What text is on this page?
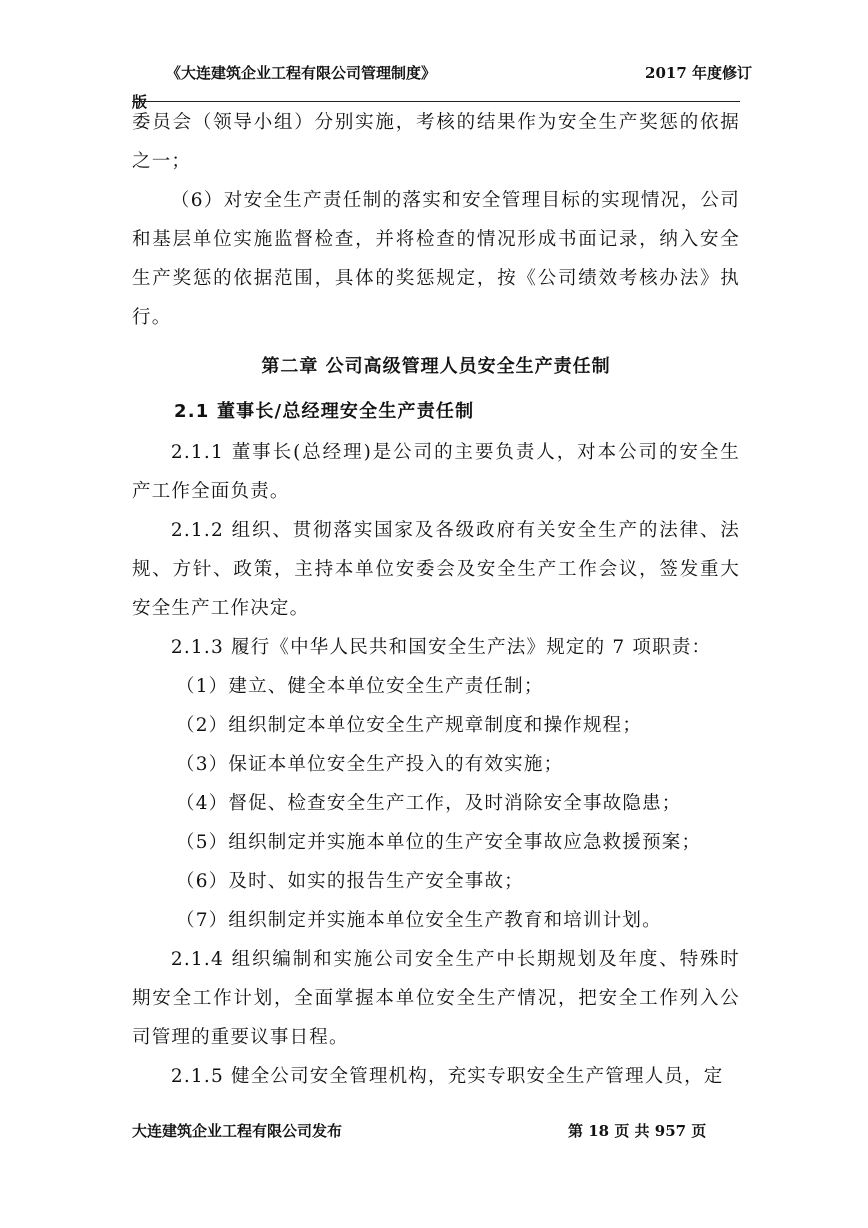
《大连建筑企业工程有限公司管理制度》	2017 年度修订
版

委员会（领导小组）分别实施，考核的结果作为安全生产奖惩的依据之一；

（6）对安全生产责任制的落实和安全管理目标的实现情况，公司和基层单位实施监督检查，并将检查的情况形成书面记录，纳入安全生产奖惩的依据范围，具体的奖惩规定，按《公司绩效考核办法》执行。

第二章 公司高级管理人员安全生产责任制

2.1 董事长/总经理安全生产责任制

2.1.1 董事长(总经理)是公司的主要负责人，对本公司的安全生产工作全面负责。

2.1.2 组织、贯彻落实国家及各级政府有关安全生产的法律、法规、方针、政策，主持本单位安委会及安全生产工作会议，签发重大安全生产工作决定。

2.1.3 履行《中华人民共和国安全生产法》规定的 7 项职责：

（1）建立、健全本单位安全生产责任制；

（2）组织制定本单位安全生产规章制度和操作规程；

（3）保证本单位安全生产投入的有效实施；

（4）督促、检查安全生产工作，及时消除安全事故隐患；

（5）组织制定并实施本单位的生产安全事故应急救援预案；

（6）及时、如实的报告生产安全事故；

（7）组织制定并实施本单位安全生产教育和培训计划。

2.1.4 组织编制和实施公司安全生产中长期规划及年度、特殊时期安全工作计划，全面掌握本单位安全生产情况，把安全工作列入公司管理的重要议事日程。

2.1.5 健全公司安全管理机构，充实专职安全生产管理人员，定

大连建筑企业工程有限公司发布	第 18 页 共 957 页
